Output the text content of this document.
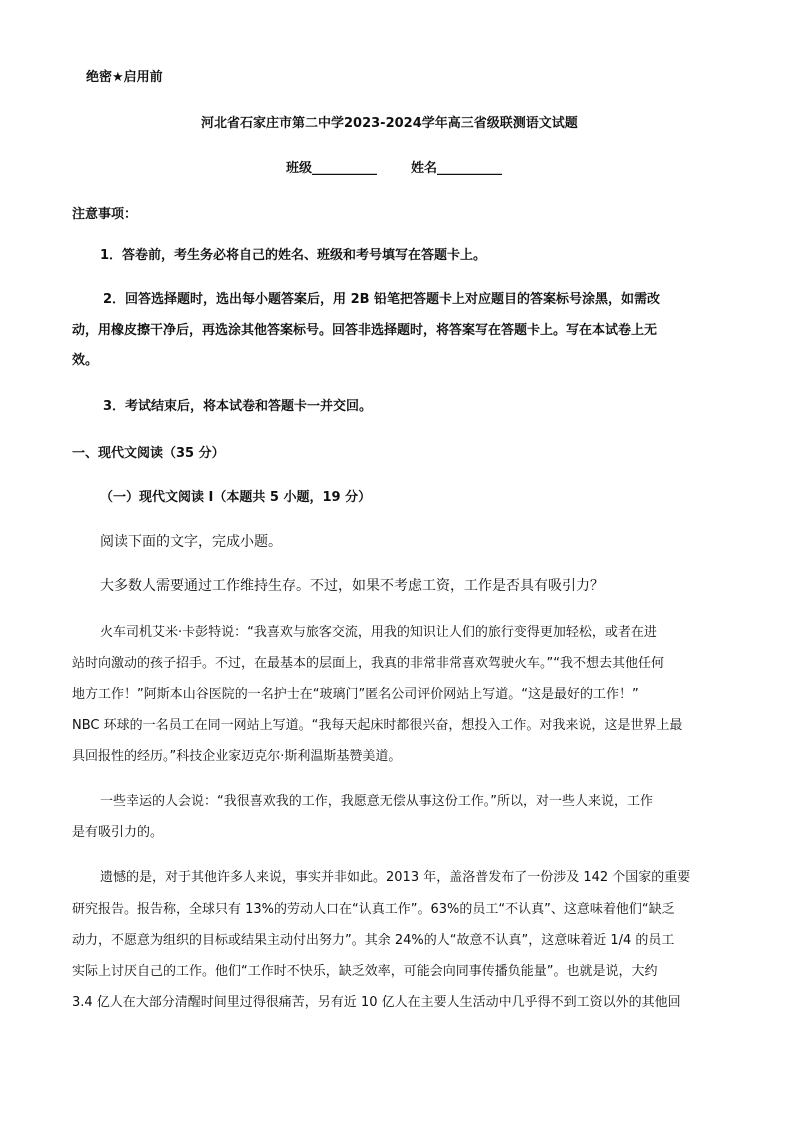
绝密★启用前
河北省石家庄市第二中学2023-2024学年高三省级联测语文试题
班级__________	姓名__________
注意事项：
1．答卷前，考生务必将自己的姓名、班级和考号填写在答题卡上。
2．回答选择题时，选出每小题答案后，用 2B 铅笔把答题卡上对应题目的答案标号涂黑，如需改
动，用橡皮擦干净后，再选涂其他答案标号。回答非选择题时，将答案写在答题卡上。写在本试卷上无
效。
3．考试结束后，将本试卷和答题卡一并交回。
一、现代文阅读（35 分）
（一）现代文阅读 I（本题共 5 小题，19 分）
阅读下面的文字，完成小题。
大多数人需要通过工作维持生存。不过，如果不考虑工资，工作是否具有吸引力？
火车司机艾米·卡彭特说：“我喜欢与旅客交流，用我的知识让人们的旅行变得更加轻松，或者在进
站时向激动的孩子招手。不过，在最基本的层面上，我真的非常非常喜欢驾驶火车。”“我不想去其他任何
地方工作！”阿斯本山谷医院的一名护士在“玻璃门”匿名公司评价网站上写道。“这是最好的工作！”
NBC 环球的一名员工在同一网站上写道。“我每天起床时都很兴奋，想投入工作。对我来说，这是世界上最
具回报性的经历。”科技企业家迈克尔·斯利温斯基赞美道。
一些幸运的人会说：“我很喜欢我的工作，我愿意无偿从事这份工作。”所以，对一些人来说，工作
是有吸引力的。
遗憾的是，对于其他许多人来说，事实并非如此。2013 年，盖洛普发布了一份涉及 142 个国家的重要
研究报告。报告称，全球只有 13%的劳动人口在“认真工作”。63%的员工“不认真”、这意味着他们“缺乏
动力，不愿意为组织的目标或结果主动付出努力”。其余 24%的人“故意不认真”，这意味着近 1/4 的员工
实际上讨厌自己的工作。他们“工作时不快乐，缺乏效率，可能会向同事传播负能量”。也就是说，大约
3.4 亿人在大部分清醒时间里过得很痛苦，另有近 10 亿人在主要人生活动中几乎得不到工资以外的其他回
